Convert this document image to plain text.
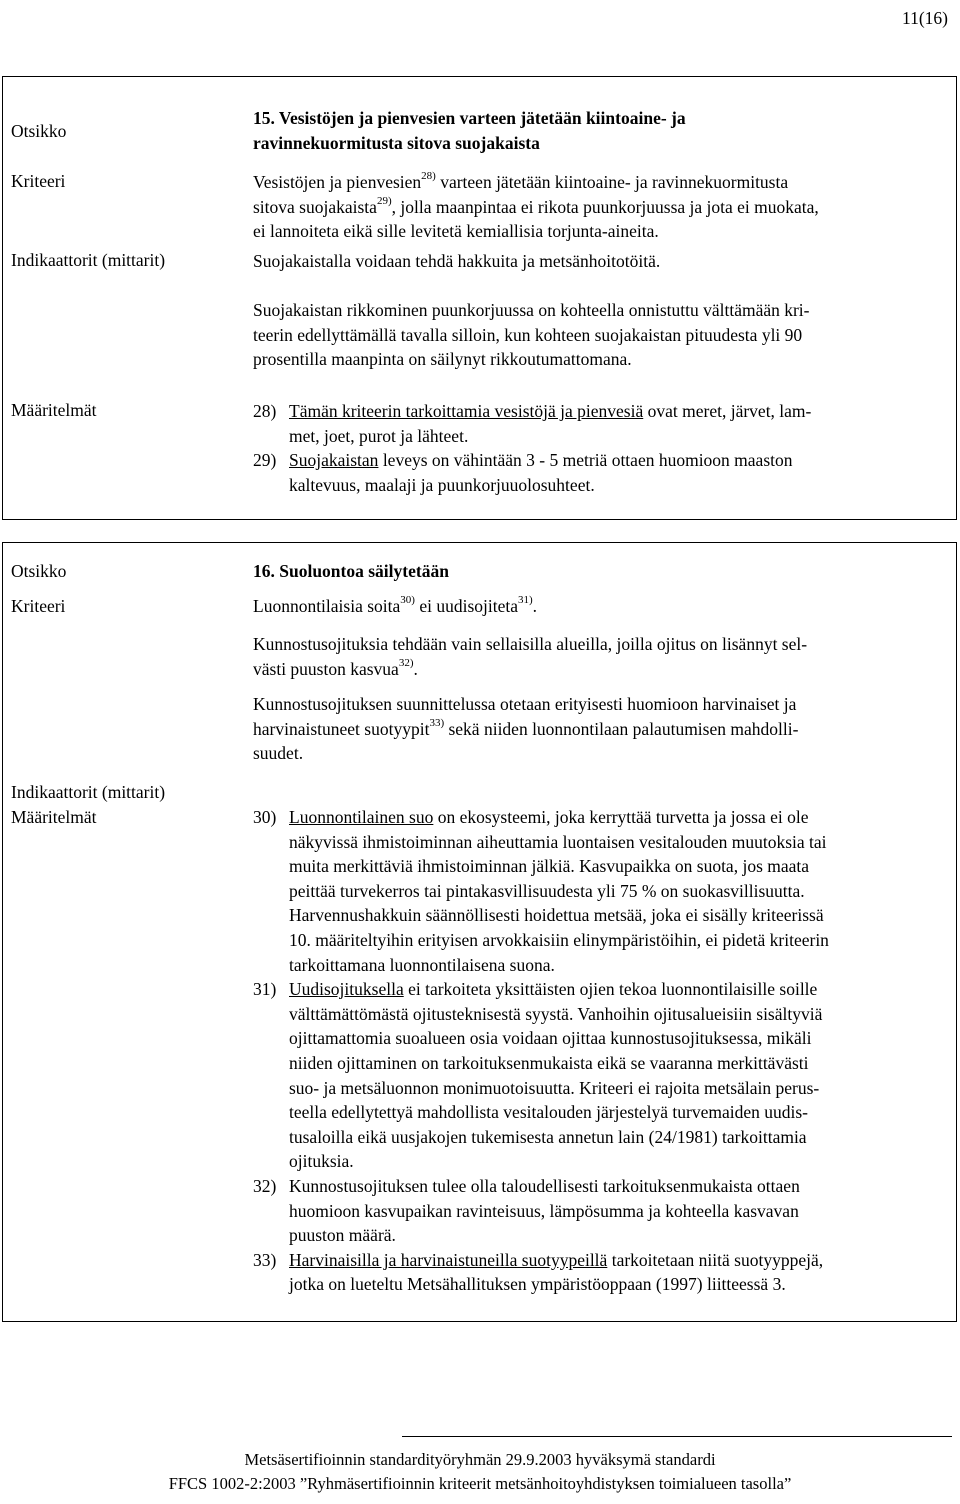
11(16)
Otsikko
Kriteeri
Indikaattorit (mittarit)
Määritelmät

15. Vesistöjen ja pienvesien varteen jätetään kiintoaine- ja

ravinnekuormitusta sitova suojakaista

Vesistöjen ja pienvesien$^{28)}$ varteen jätetään kiintoaine- ja ravinnekuormitusta

sitova suojakaista$^{29)}$, jolla maanpintaa ei rikota puunkorjuussa ja jota ei muokata,

ei lannoiteta eikä sille levitetä kemiallisia torjunta-aineita.

Suojakaistalla voidaan tehdä hakkuita ja metsänhoitotöitä.

Suojakaistan rikkominen puunkorjuussa on kohteella onnistuttu välttämään kri-

teerin edellyttämällä tavalla silloin, kun kohteen suojakaistan pituudesta yli 90

prosentilla maanpinta on säilynyt rikkoutumattomana.

28) Tämän kriteerin tarkoittamia vesistöjä ja pienvesiä ovat meret, järvet, lam-

met, joet, purot ja lähteet.

29) Suojakaistan leveys on vähintään 3 - 5 metriä ottaen huomioon maaston

kaltevuus, maalaji ja puunkorjuuolosuhteet.

Otsikko
Kriteeri
Indikaattorit (mittarit)
Määritelmät
16. Suoluontoa säilytetään

Luonnontilaisia soita$^{30)}$ ei uudisojiteta$^{31)}$.

Kunnostusojituksia tehdään vain sellaisilla alueilla, joilla ojitus on lisännyt sel-

västi puuston kasvua$^{32)}$.

Kunnostusojituksen suunnittelussa otetaan erityisesti huomioon harvinaiset ja

harvinaistuneet suotyypit$^{33)}$ sekä niiden luonnontilaan palautumisen mahdolli-

suudet.

30) Luonnontilainen suo on ekosysteemi, joka kerryttää turvetta ja jossa ei ole

näkyvissä ihmistoiminnan aiheuttamia luontaisen vesitalouden muutoksia tai

muita merkittäviä ihmistoiminnan jälkiä. Kasvupaikka on suota, jos maata

peittää turvekerros tai pintakasvillisuudesta yli 75 % on suokasvillisuutta.

Harvennushakkuin säännöllisesti hoidettua metsää, joka ei sisälly kriteerissä

10. määriteltyihin erityisen arvokkaisiin elinympäristöihin, ei pidetä kriteerin

tarkoittamana luonnontilaisena suona.

31) Uudisojituksella ei tarkoiteta yksittäisten ojien tekoa luonnontilaisille soille

välttämättömästä ojitusteknisestä syystä. Vanhoihin ojitusalueisiin sisältyviä

ojittamattomia suoalueen osia voidaan ojittaa kunnostusojituksessa, mikäli

niiden ojittaminen on tarkoituksenmukaista eikä se vaaranna merkittävästi

suo- ja metsäluonnon monimuotoisuutta. Kriteeri ei rajoita metsälain perus-

teella edellytettyä mahdollista vesitalouden järjestelyä turvemaiden uudis-

tusaloilla eikä uusjakojen tukemisesta annetun lain (24/1981) tarkoittamia

ojituksia.

32) Kunnostusojituksen tulee olla taloudellisesti tarkoituksenmukaista ottaen

huomioon kasvupaikan ravinteisuus, lämpösumma ja kohteella kasvavan

puuston määrä.

33) Harvinaisilla ja harvinaistuneilla suotyypeillä tarkoitetaan niitä suotyyppejä,

jotka on lueteltu Metsähallituksen ympäristöoppaan (1997) liitteessä 3.

Metsäsertifioinnin standardityöryhmän 29.9.2003 hyväksymä standardi
FFCS 1002-2:2003 ”Ryhmäsertifioinnin kriteerit metsänhoitoyhdistyksen toimialueen tasolla”
